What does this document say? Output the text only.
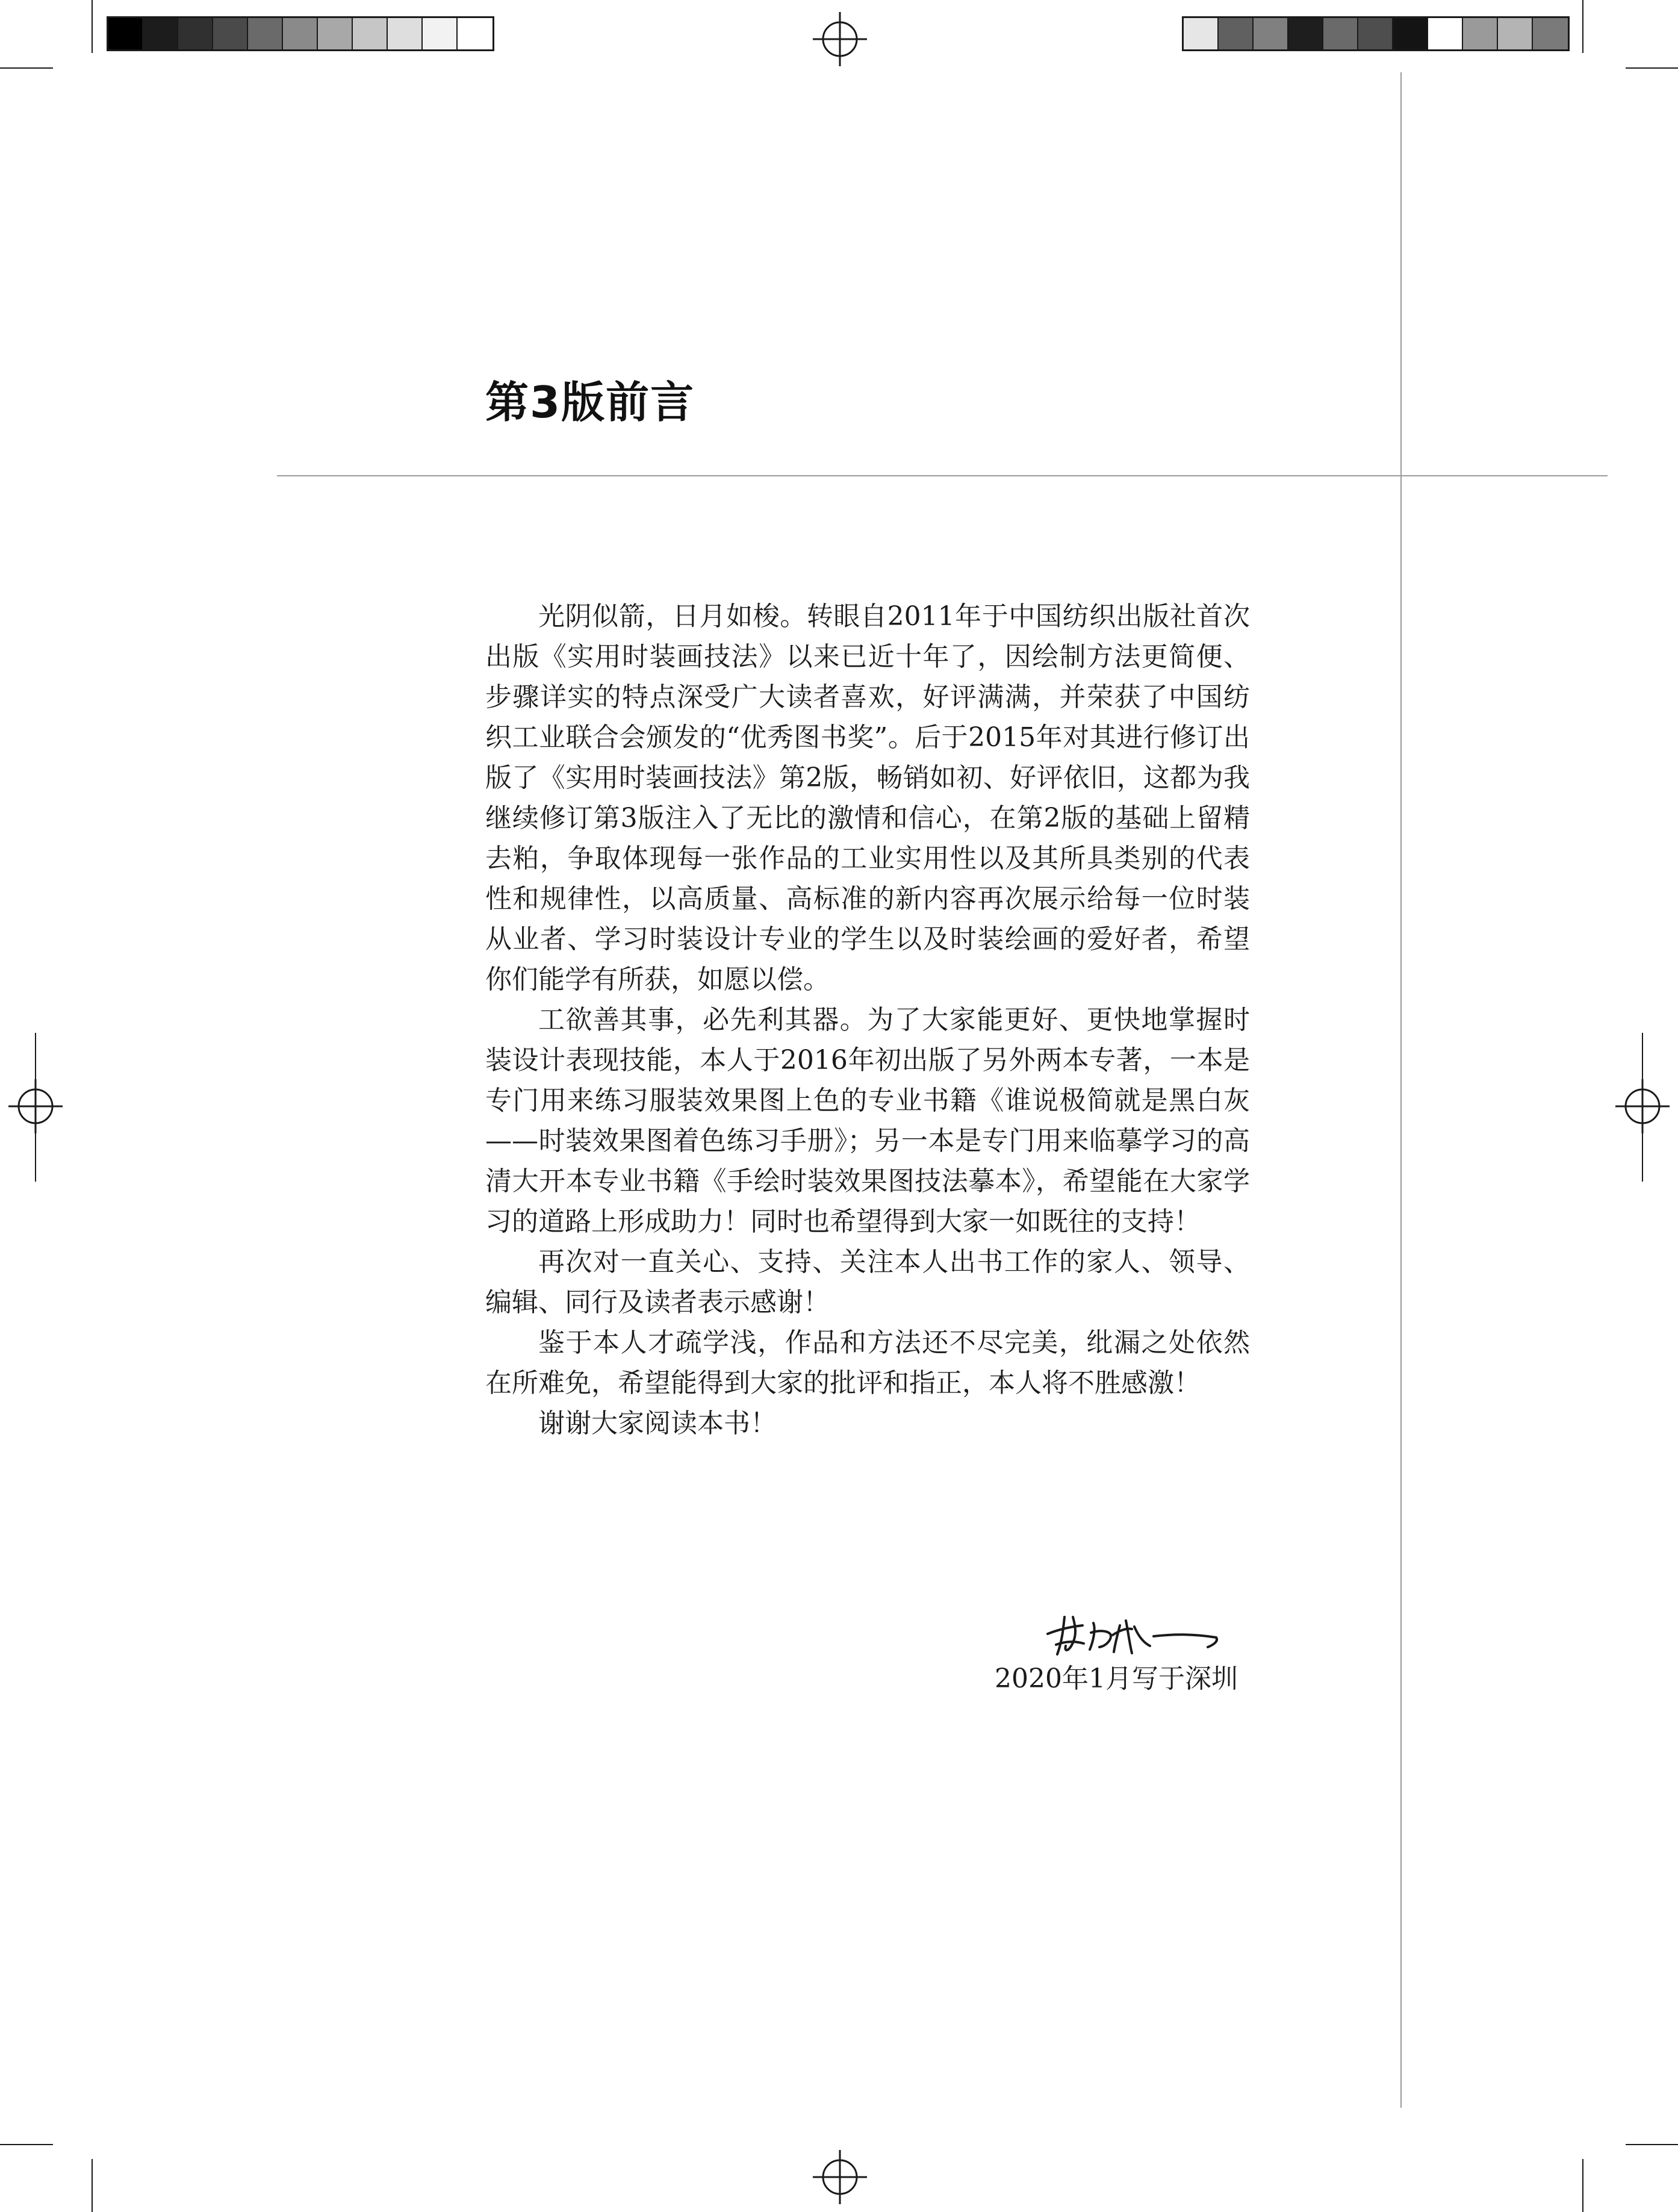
第3版前言

光阴似箭，日月如梭。转眼自2011年于中国纺织出版社首次出版《实用时装画技法》以来已近十年了，因绘制方法更简便、步骤详实的特点深受广大读者喜欢，好评满满，并荣获了中国纺织工业联合会颁发的“优秀图书奖”。后于2015年对其进行修订出版了《实用时装画技法》第2版，畅销如初、好评依旧，这都为我继续修订第3版注入了无比的激情和信心，在第2版的基础上留精去粕，争取体现每一张作品的工业实用性以及其所具类别的代表性和规律性，以高质量、高标准的新内容再次展示给每一位时装从业者、学习时装设计专业的学生以及时装绘画的爱好者，希望你们能学有所获，如愿以偿。

工欲善其事，必先利其器。为了大家能更好、更快地掌握时装设计表现技能，本人于2016年初出版了另外两本专著，一本是专门用来练习服装效果图上色的专业书籍《谁说极简就是黑白灰——时装效果图着色练习手册》；另一本是专门用来临摹学习的高清大开本专业书籍《手绘时装效果图技法摹本》，希望能在大家学习的道路上形成助力！同时也希望得到大家一如既往的支持！

再次对一直关心、支持、关注本人出书工作的家人、领导、编辑、同行及读者表示感谢！

鉴于本人才疏学浅，作品和方法还不尽完美，纰漏之处依然在所难免，希望能得到大家的批评和指正，本人将不胜感激！

谢谢大家阅读本书！

2020年1月写于深圳
